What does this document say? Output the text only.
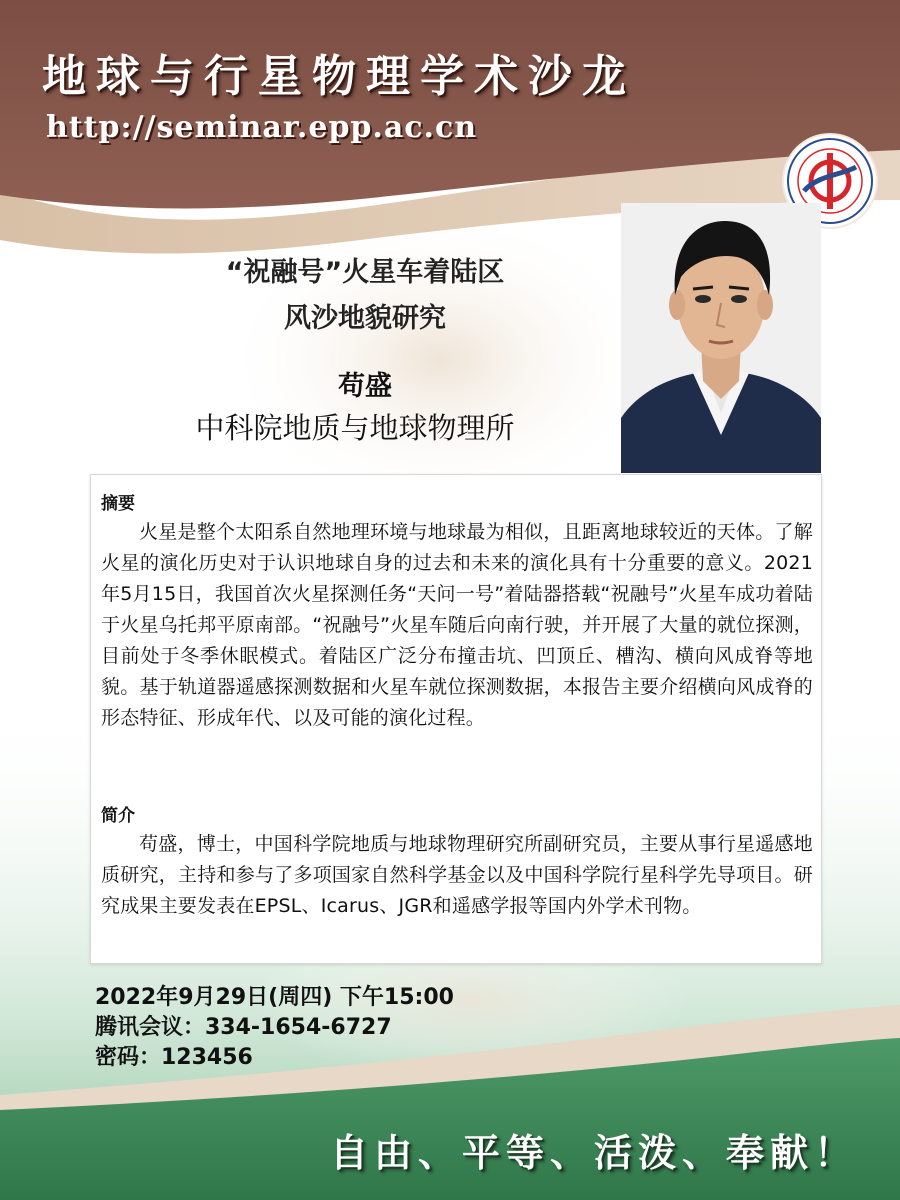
地球与行星物理学术沙龙
http://seminar.epp.ac.cn
“祝融号”火星车着陆区
风沙地貌研究
苟盛
中科院地质与地球物理所
摘要
火星是整个太阳系自然地理环境与地球最为相似，且距离地球较近的天体。了解火星的演化历史对于认识地球自身的过去和未来的演化具有十分重要的意义。2021年5月15日，我国首次火星探测任务“天问一号”着陆器搭载“祝融号”火星车成功着陆于火星乌托邦平原南部。“祝融号”火星车随后向南行驶，并开展了大量的就位探测，目前处于冬季休眠模式。着陆区广泛分布撞击坑、凹顶丘、槽沟、横向风成脊等地貌。基于轨道器遥感探测数据和火星车就位探测数据，本报告主要介绍横向风成脊的形态特征、形成年代、以及可能的演化过程。
简介
苟盛，博士，中国科学院地质与地球物理研究所副研究员，主要从事行星遥感地质研究，主持和参与了多项国家自然科学基金以及中国科学院行星科学先导项目。研究成果主要发表在EPSL、Icarus、JGR和遥感学报等国内外学术刊物。
2022年9月29日(周四) 下午15:00
腾讯会议：334-1654-6727
密码：123456
自由、平等、活泼、奉献！
